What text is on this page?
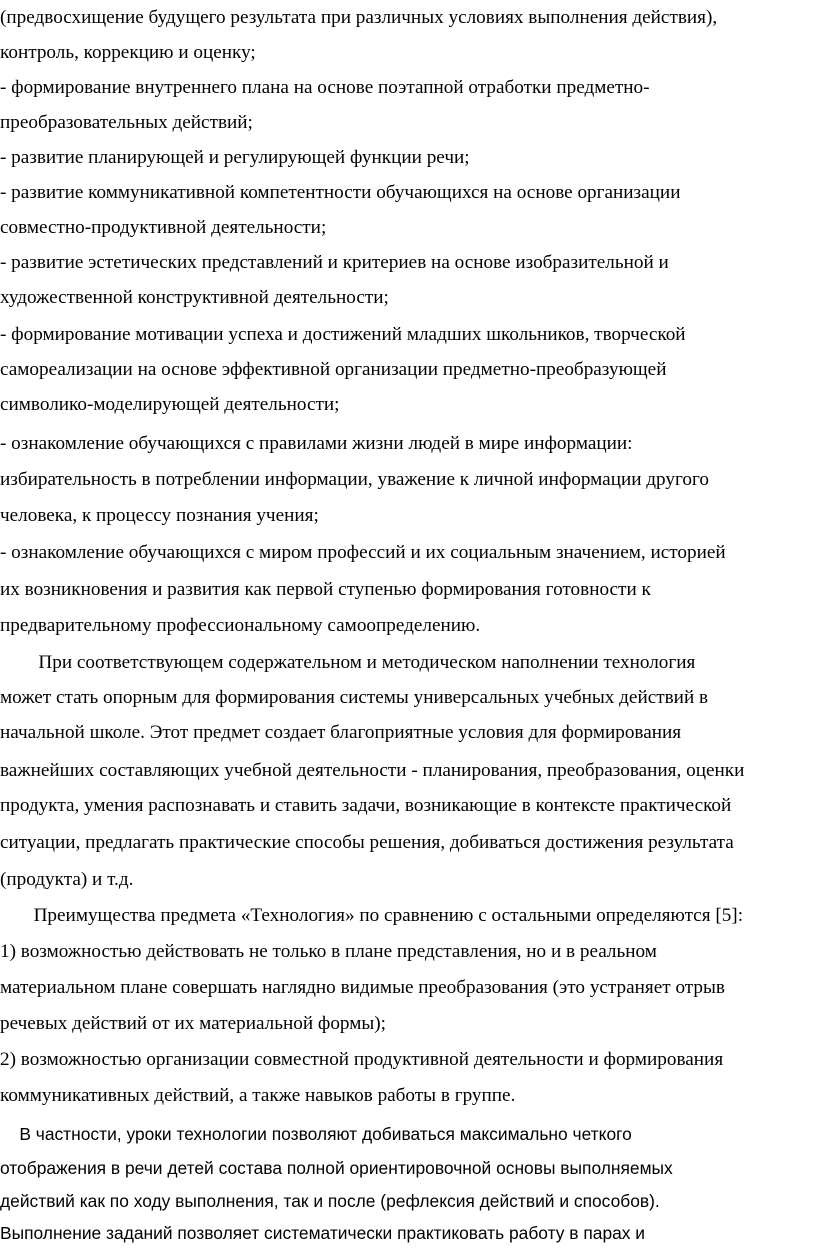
(предвосхищение будущего результата при различных условиях выполнения действия),
контроль, коррекцию и оценку;
- формирование внутреннего плана на основе поэтапной отработки предметно-
преобразовательных действий;
- развитие планирующей и регулирующей функции речи;
- развитие коммуникативной компетентности обучающихся на основе организации
совместно-продуктивной деятельности;
- развитие эстетических представлений и критериев на основе изобразительной и
художественной конструктивной деятельности;
- формирование мотивации успеха и достижений младших школьников, творческой
самореализации на основе эффективной организации предметно-преобразующей
символико-моделирующей деятельности;
- ознакомление обучающихся с правилами жизни людей в мире информации:
избирательность в потреблении информации, уважение к личной информации другого
человека, к процессу познания учения;
- ознакомление обучающихся с миром профессий и их социальным значением, историей
их возникновения и развития как первой ступенью формирования готовности к
предварительному профессиональному самоопределению.
При соответствующем содержательном и методическом наполнении технология
может стать опорным для формирования системы универсальных учебных действий в
начальной школе. Этот предмет создает благоприятные условия для формирования
важнейших составляющих учебной деятельности - планирования, преобразования, оценки
продукта, умения распознавать и ставить задачи, возникающие в контексте практической
ситуации, предлагать практические способы решения, добиваться достижения результата
(продукта) и т.д.
Преимущества предмета «Технология» по сравнению с остальными определяются [5]:
1) возможностью действовать не только в плане представления, но и в реальном
материальном плане совершать наглядно видимые преобразования (это устраняет отрыв
речевых действий от их материальной формы);
2) возможностью организации совместной продуктивной деятельности и формирования
коммуникативных действий, а также навыков работы в группе.
В частности, уроки технологии позволяют добиваться максимально четкого
отображения в речи детей состава полной ориентировочной основы выполняемых
действий как по ходу выполнения, так и после (рефлексия действий и способов).
Выполнение заданий позволяет систематически практиковать работу в парах и
